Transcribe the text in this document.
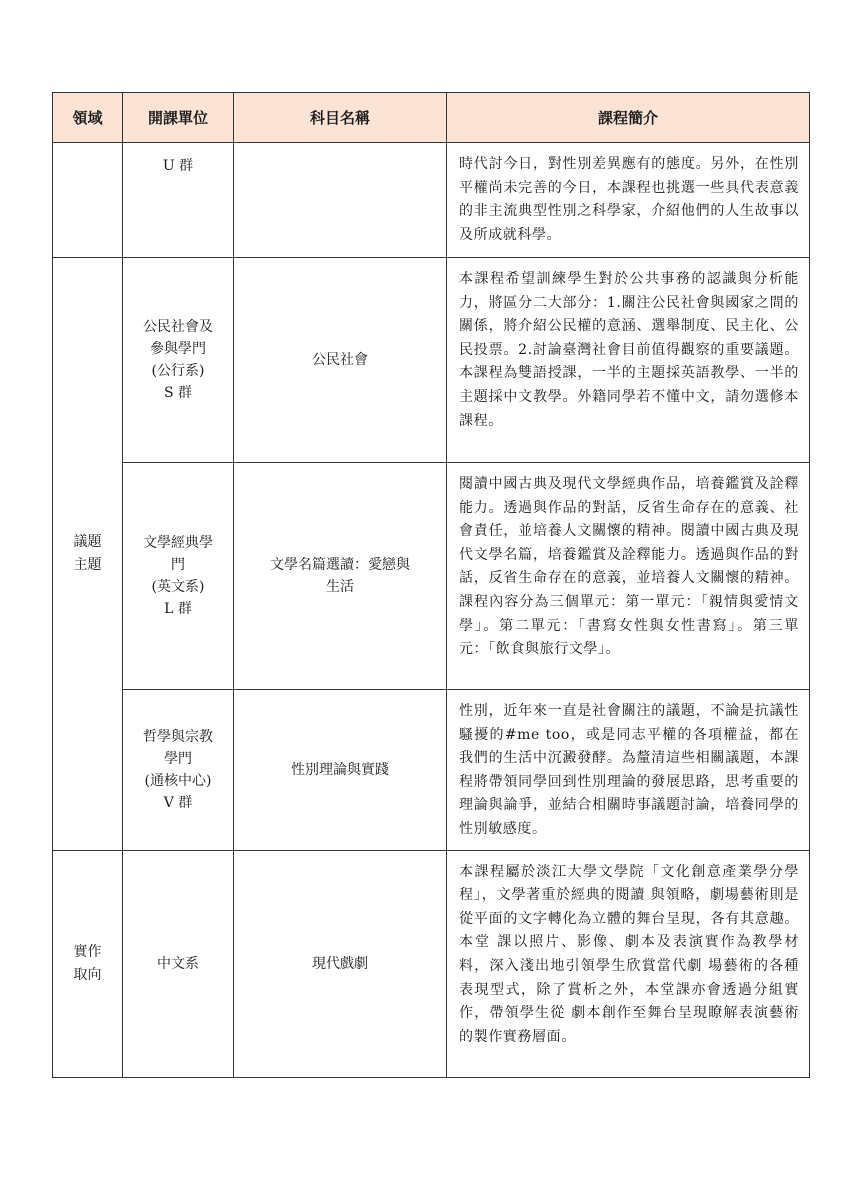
領域	開課單位	科目名稱	課程簡介

	U 群		時代討今日，對性別差異應有的態度。另外，在性別平權尚未完善的今日，本課程也挑選一些具代表意義的非主流典型性別之科學家，介紹他們的人生故事以及所成就科學。

議題
主題	公民社會及
參與學門
(公行系)
S 群	公民社會	本課程希望訓練學生對於公共事務的認識與分析能力，將區分二大部分：1.關注公民社會與國家之間的關係，將介紹公民權的意涵、選舉制度、民主化、公民投票。2.討論臺灣社會目前值得觀察的重要議題。本課程為雙語授課，一半的主題採英語教學、一半的主題採中文教學。外籍同學若不懂中文，請勿選修本課程。

	文學經典學
門
(英文系)
L 群	文學名篇選讀：愛戀與
生活	閱讀中國古典及現代文學經典作品，培養鑑賞及詮釋能力。透過與作品的對話，反省生命存在的意義、社會責任，並培養人文關懷的精神。閱讀中國古典及現代文學名篇，培養鑑賞及詮釋能力。透過與作品的對話，反省生命存在的意義，並培養人文關懷的精神。課程內容分為三個單元：第一單元：「親情與愛情文學」。第二單元：「書寫女性與女性書寫」。第三單元：「飲食與旅行文學」。

	哲學與宗教
學門
(通核中心)
V 群	性別理論與實踐	性別，近年來一直是社會關注的議題，不論是抗議性騷擾的#me too，或是同志平權的各項權益，都在我們的生活中沉澱發酵。為釐清這些相關議題，本課程將帶領同學回到性別理論的發展思路，思考重要的理論與論爭，並結合相關時事議題討論，培養同學的性別敏感度。

實作
取向	中文系	現代戲劇	本課程屬於淡江大學文學院「文化創意產業學分學程」，文學著重於經典的閱讀 與領略，劇場藝術則是從平面的文字轉化為立體的舞台呈現，各有其意趣。本堂 課以照片、影像、劇本及表演實作為教學材料，深入淺出地引領學生欣賞當代劇 場藝術的各種表現型式，除了賞析之外，本堂課亦會透過分組實作，帶領學生從 劇本創作至舞台呈現瞭解表演藝術的製作實務層面。
